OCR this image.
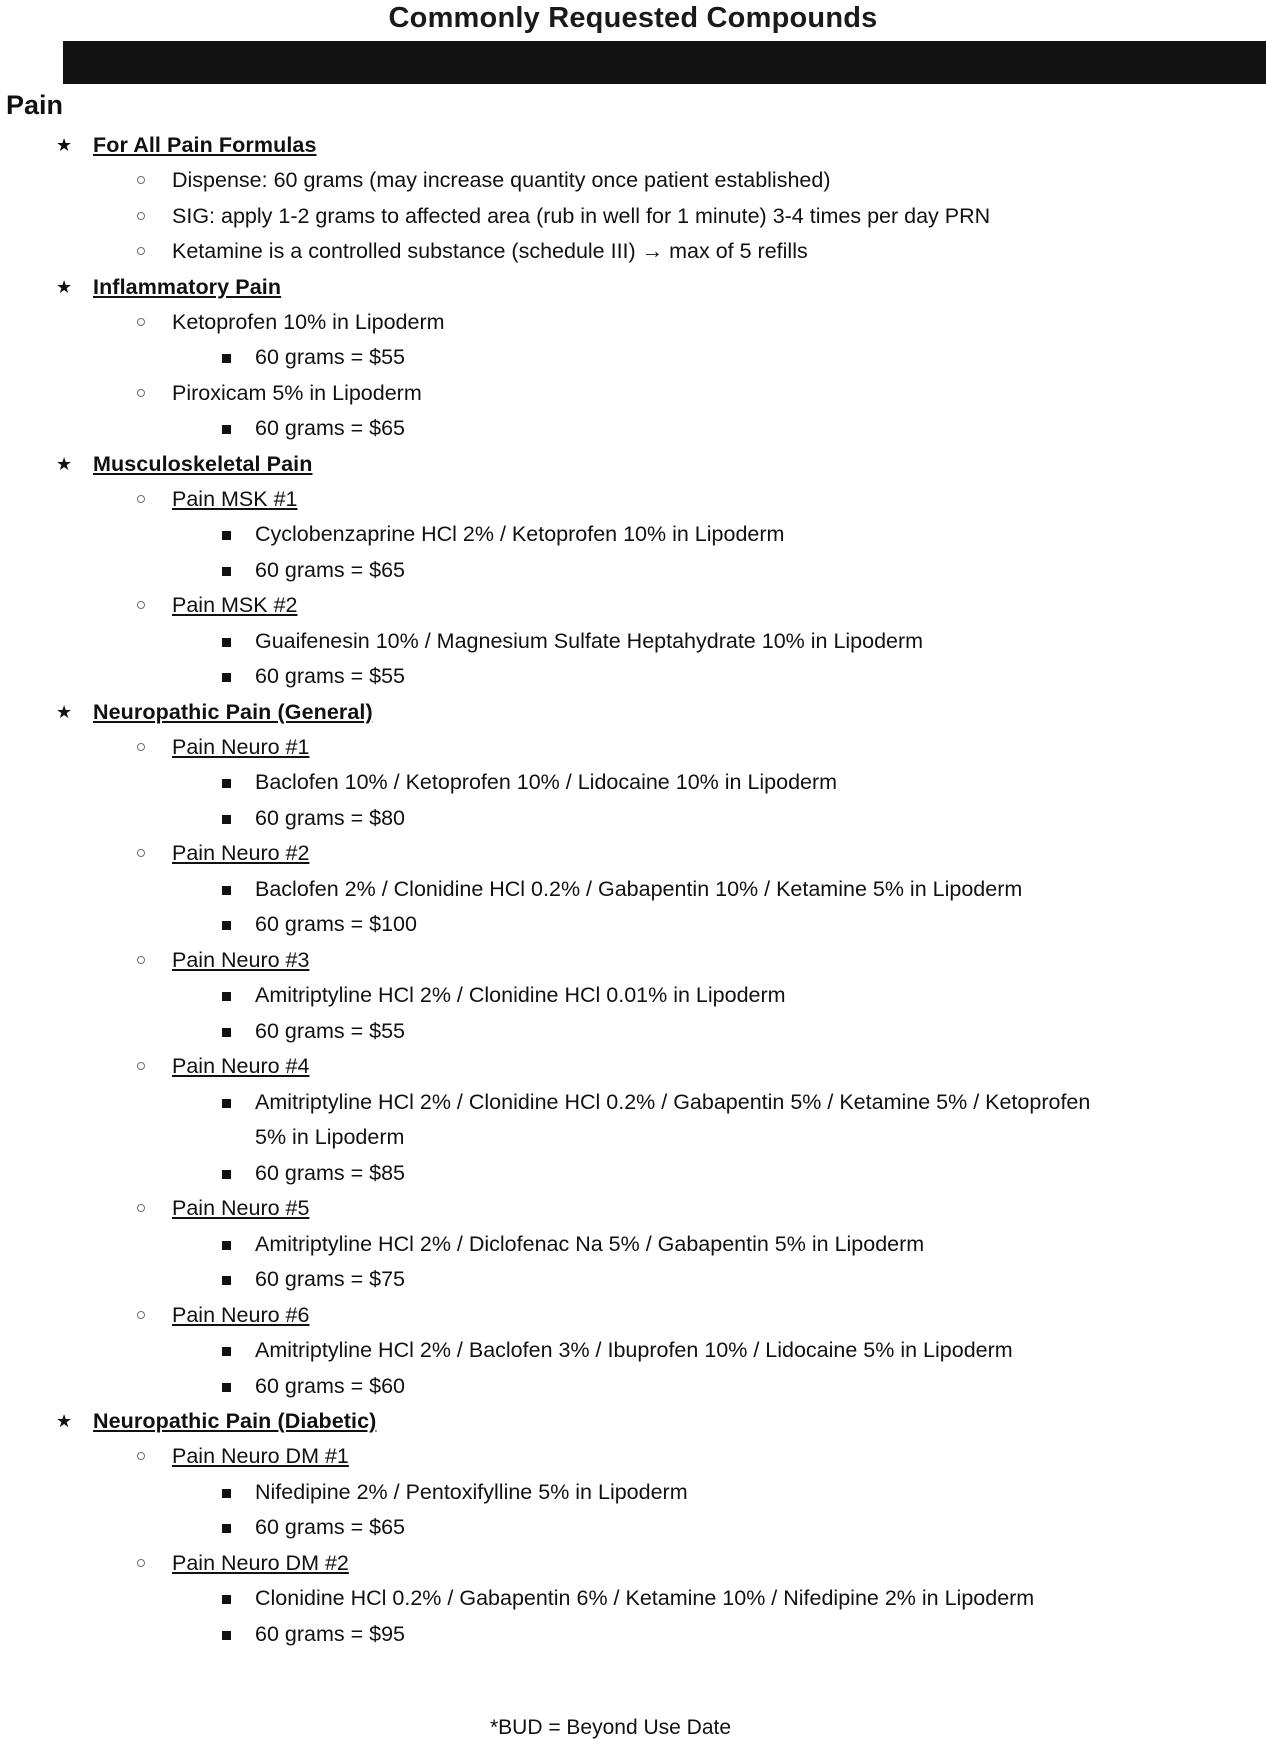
Commonly Requested Compounds
Pain
★ For All Pain Formulas
Dispense: 60 grams (may increase quantity once patient established)
SIG: apply 1-2 grams to affected area (rub in well for 1 minute) 3-4 times per day PRN
Ketamine is a controlled substance (schedule III) → max of 5 refills
★ Inflammatory Pain
Ketoprofen 10% in Lipoderm
60 grams = $55
Piroxicam 5% in Lipoderm
60 grams = $65
★ Musculoskeletal Pain
Pain MSK #1
Cyclobenzaprine HCl 2% / Ketoprofen 10% in Lipoderm
60 grams = $65
Pain MSK #2
Guaifenesin 10% / Magnesium Sulfate Heptahydrate 10% in Lipoderm
60 grams = $55
★ Neuropathic Pain (General)
Pain Neuro #1
Baclofen 10% / Ketoprofen 10% / Lidocaine 10% in Lipoderm
60 grams = $80
Pain Neuro #2
Baclofen 2% / Clonidine HCl 0.2% / Gabapentin 10% / Ketamine 5% in Lipoderm
60 grams = $100
Pain Neuro #3
Amitriptyline HCl 2% / Clonidine HCl 0.01% in Lipoderm
60 grams = $55
Pain Neuro #4
Amitriptyline HCl 2% / Clonidine HCl 0.2% / Gabapentin 5% / Ketamine 5% / Ketoprofen 5% in Lipoderm
60 grams = $85
Pain Neuro #5
Amitriptyline HCl 2% / Diclofenac Na 5% / Gabapentin 5% in Lipoderm
60 grams = $75
Pain Neuro #6
Amitriptyline HCl 2% / Baclofen 3% / Ibuprofen 10% / Lidocaine 5% in Lipoderm
60 grams = $60
★ Neuropathic Pain (Diabetic)
Pain Neuro DM #1
Nifedipine 2% / Pentoxifylline 5% in Lipoderm
60 grams = $65
Pain Neuro DM #2
Clonidine HCl 0.2% / Gabapentin 6% / Ketamine 10% / Nifedipine 2% in Lipoderm
60 grams = $95
*BUD = Beyond Use Date
